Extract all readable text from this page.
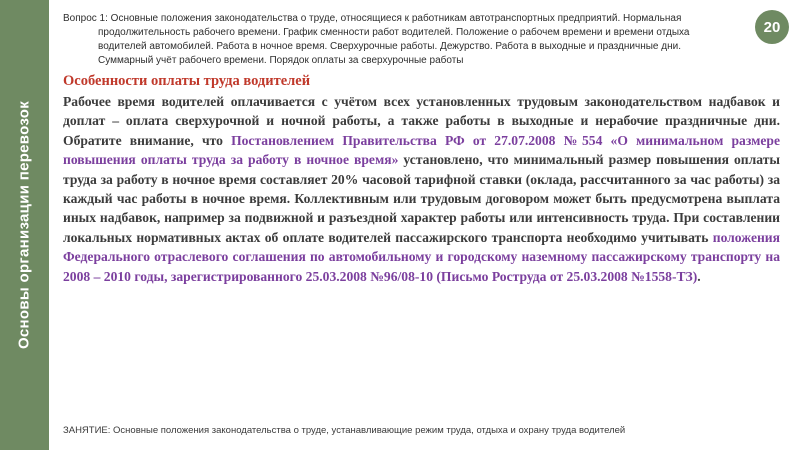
Основы организации перевозок
Вопрос 1: Основные положения законодательства о труде, относящиеся к работникам автотранспортных предприятий. Нормальная
продолжительность рабочего времени. График сменности работ водителей. Положение о рабочем времени и времени отдыха
водителей автомобилей. Работа в ночное время. Сверхурочные работы. Дежурство. Работа в выходные и праздничные дни.
Суммарный учёт рабочего времени. Порядок оплаты за сверхурочные работы
20
Особенности оплаты труда водителей

Рабочее время водителей оплачивается с учётом всех установленных трудовым законодательством надбавок и доплат – оплата сверхурочной и ночной работы, а также работы в выходные и нерабочие праздничные дни. Обратите внимание, что Постановлением Правительства РФ от 27.07.2008 №554 «О минимальном размере повышения оплаты труда за работу в ночное время» установлено, что минимальный размер повышения оплаты труда за работу в ночное время составляет 20% часовой тарифной ставки (оклада, рассчитанного за час работы) за каждый час работы в ночное время. Коллективным или трудовым договором может быть предусмотрена выплата иных надбавок, например за подвижной и разъездной характер работы или интенсивность труда. При составлении локальных нормативных актах об оплате водителей пассажирского транспорта необходимо учитывать положения Федерального отраслевого соглашения по автомобильному и городскому наземному пассажирскому транспорту на 2008 – 2010 годы, зарегистрированного 25.03.2008 №96/08-10 (Письмо Роструда от 25.03.2008 №1558-ТЗ).

ЗАНЯТИЕ: Основные положения законодательства о труде, устанавливающие режим труда, отдыха и охрану труда водителей
